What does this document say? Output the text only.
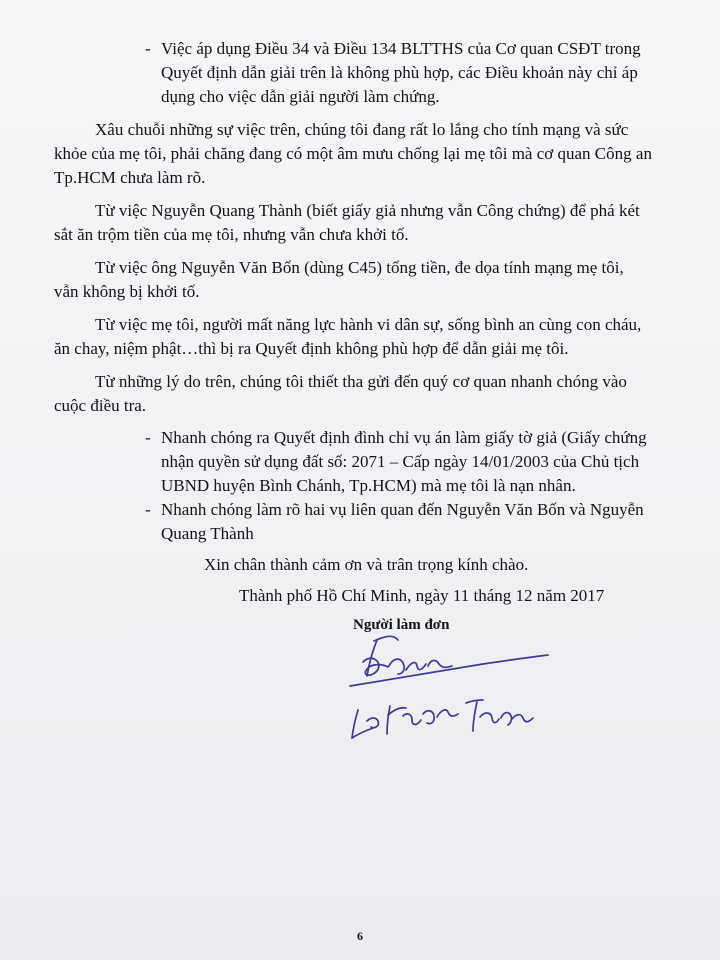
- Việc áp dụng Điều 34 và Điều 134 BLTTHS của Cơ quan CSĐT trong
Quyết định dẫn giải trên là không phù hợp, các Điều khoản này chỉ áp
dụng cho việc dẫn giải người làm chứng.
Xâu chuỗi những sự việc trên, chúng tôi đang rất lo lắng cho tính mạng và sức
khỏe của mẹ tôi, phải chăng đang có một âm mưu chống lại mẹ tôi mà cơ quan Công an
Tp.HCM chưa làm rõ.
Từ việc Nguyễn Quang Thành (biết giấy giả nhưng vẫn Công chứng) để phá két
sắt ăn trộm tiền của mẹ tôi, nhưng vẫn chưa khởi tố.
Từ việc ông Nguyễn Văn Bốn (dùng C45) tống tiền, đe dọa tính mạng mẹ tôi,
vẫn không bị khởi tố.
Từ việc mẹ tôi, người mất năng lực hành vi dân sự, sống bình an cùng con cháu,
ăn chay, niệm phật…thì bị ra Quyết định không phù hợp để dẫn giải mẹ tôi.
Từ những lý do trên, chúng tôi thiết tha gửi đến quý cơ quan nhanh chóng vào
cuộc điều tra.
- Nhanh chóng ra Quyết định đình chỉ vụ án làm giấy tờ giả (Giấy chứng
nhận quyền sử dụng đất số: 2071 – Cấp ngày 14/01/2003 của Chủ tịch
UBND huyện Bình Chánh, Tp.HCM) mà mẹ tôi là nạn nhân.
- Nhanh chóng làm rõ hai vụ liên quan đến Nguyễn Văn Bốn và Nguyễn
Quang Thành
Xin chân thành cảm ơn và trân trọng kính chào.
Thành phố Hồ Chí Minh, ngày 11 tháng 12 năm 2017
Người làm đơn
6
